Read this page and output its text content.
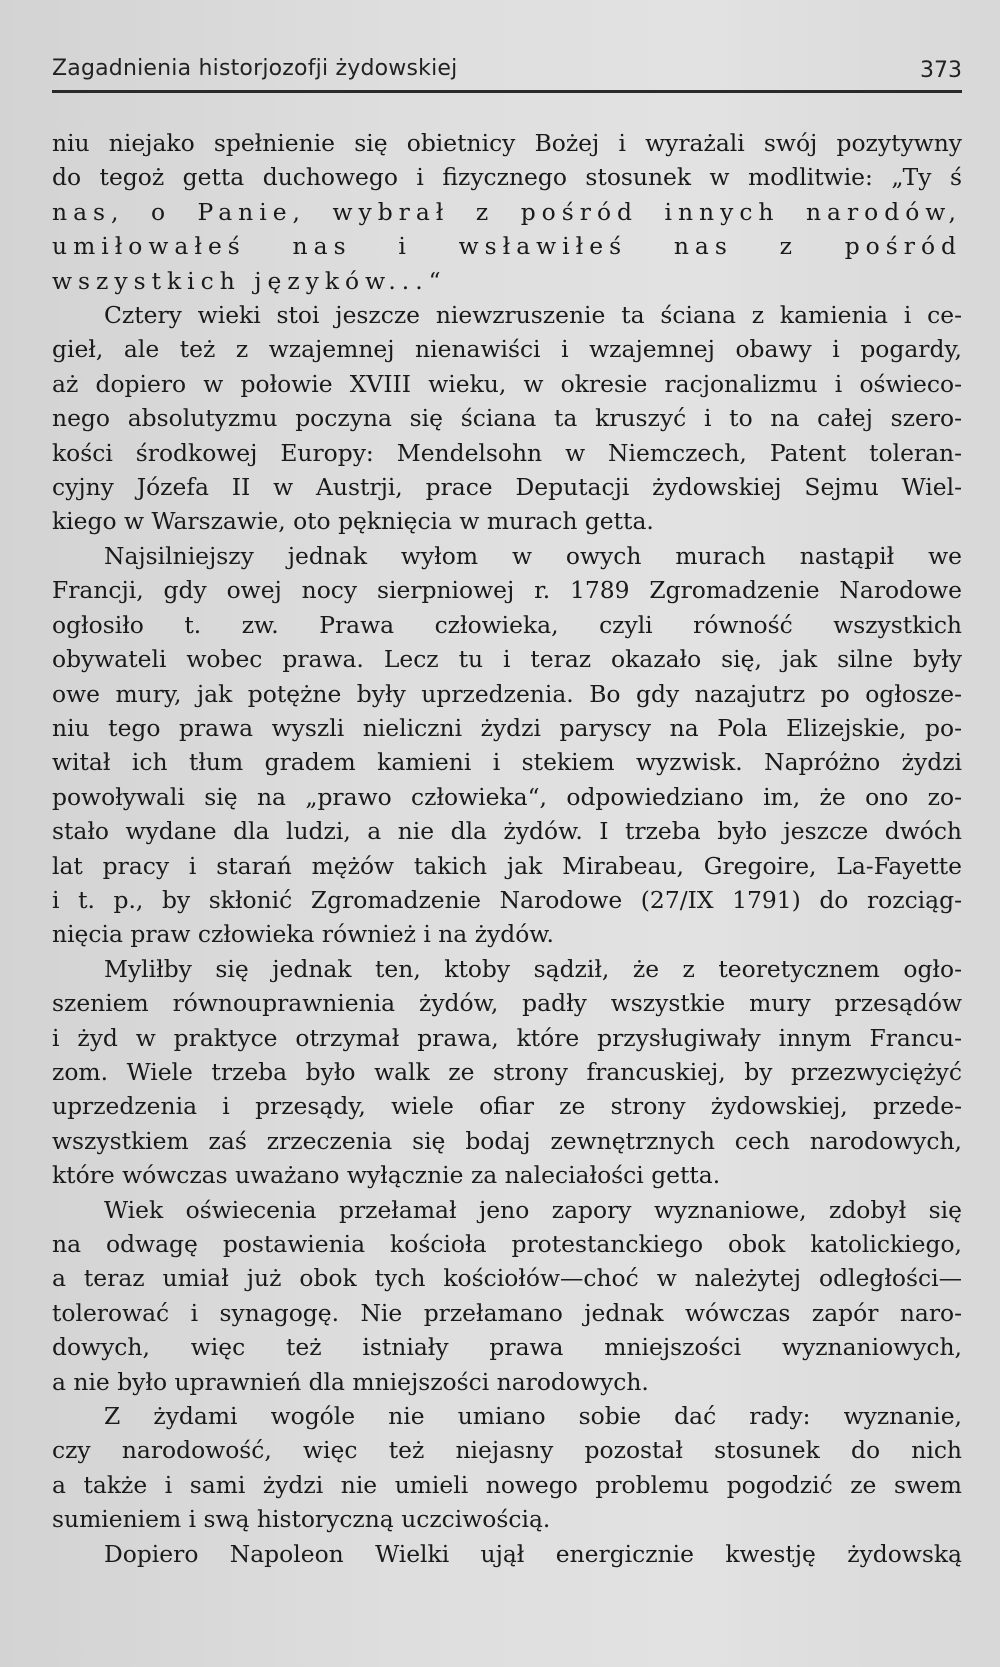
Zagadnienia historjozofji żydowskiej	373
niu niejako spełnienie się obietnicy Bożej i wyrażali swój pozytywny
do tegoż getta duchowego i fizycznego stosunek w modlitwie: „Ty ś
nas, o Panie, wybrał z pośród innych narodów,
umiłowałeś nas i wsławiłeś nas z pośród
wszystkich języków...“
Cztery wieki stoi jeszcze niewzruszenie ta ściana z kamienia i ce-
gieł, ale też z wzajemnej nienawiści i wzajemnej obawy i pogardy,
aż dopiero w połowie XVIII wieku, w okresie racjonalizmu i oświeco-
nego absolutyzmu poczyna się ściana ta kruszyć i to na całej szero-
kości środkowej Europy: Mendelsohn w Niemczech, Patent toleran-
cyjny Józefa II w Austrji, prace Deputacji żydowskiej Sejmu Wiel-
kiego w Warszawie, oto pęknięcia w murach getta.
Najsilniejszy jednak wyłom w owych murach nastąpił we
Francji, gdy owej nocy sierpniowej r. 1789 Zgromadzenie Narodowe
ogłosiło t. zw. Prawa człowieka, czyli równość wszystkich
obywateli wobec prawa. Lecz tu i teraz okazało się, jak silne były
owe mury, jak potężne były uprzedzenia. Bo gdy nazajutrz po ogłosze-
niu tego prawa wyszli nieliczni żydzi paryscy na Pola Elizejskie, po-
witał ich tłum gradem kamieni i stekiem wyzwisk. Napróżno żydzi
powoływali się na „prawo człowieka“, odpowiedziano im, że ono zo-
stało wydane dla ludzi, a nie dla żydów. I trzeba było jeszcze dwóch
lat pracy i starań mężów takich jak Mirabeau, Gregoire, La-Fayette
i t. p., by skłonić Zgromadzenie Narodowe (27/IX 1791) do rozciąg-
nięcia praw człowieka również i na żydów.
Myliłby się jednak ten, ktoby sądził, że z teoretycznem ogło-
szeniem równouprawnienia żydów, padły wszystkie mury przesądów
i żyd w praktyce otrzymał prawa, które przysługiwały innym Francu-
zom. Wiele trzeba było walk ze strony francuskiej, by przezwyciężyć
uprzedzenia i przesądy, wiele ofiar ze strony żydowskiej, przede-
wszystkiem zaś zrzeczenia się bodaj zewnętrznych cech narodowych,
które wówczas uważano wyłącznie za naleciałości getta.
Wiek oświecenia przełamał jeno zapory wyznaniowe, zdobył się
na odwagę postawienia kościoła protestanckiego obok katolickiego,
a teraz umiał już obok tych kościołów—choć w należytej odległości—
tolerować i synagogę. Nie przełamano jednak wówczas zapór naro-
dowych, więc też istniały prawa mniejszości wyznaniowych,
a nie było uprawnień dla mniejszości narodowych.
Z żydami wogóle nie umiano sobie dać rady: wyznanie,
czy narodowość, więc też niejasny pozostał stosunek do nich
a także i sami żydzi nie umieli nowego problemu pogodzić ze swem
sumieniem i swą historyczną uczciwością.
Dopiero Napoleon Wielki ujął energicznie kwestję żydowską
